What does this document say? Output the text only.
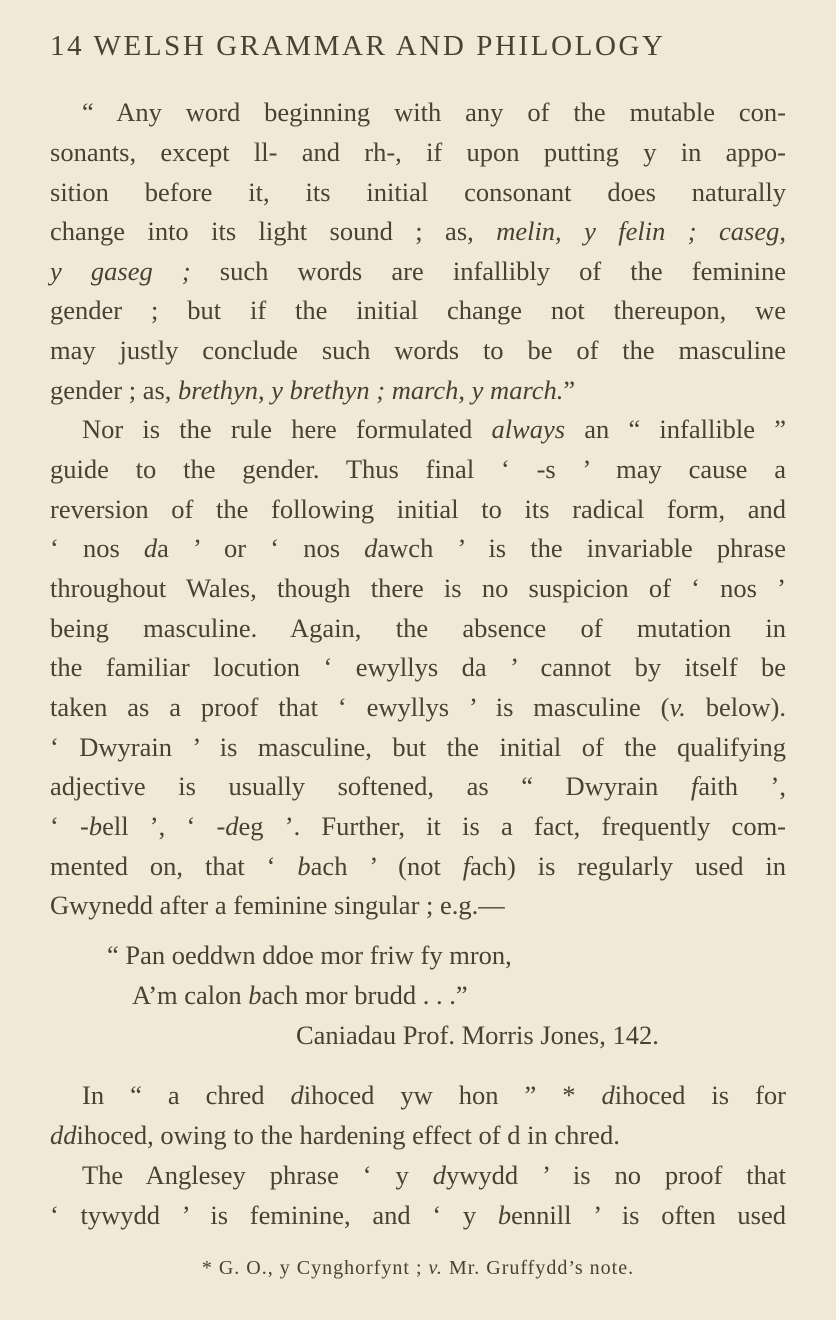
14 WELSH GRAMMAR AND PHILOLOGY
“ Any word beginning with any of the mutable con-
sonants, except ll- and rh-, if upon putting y in appo-
sition before it, its initial consonant does naturally
change into its light sound ; as, melin, y felin ; caseg,
y gaseg ; such words are infallibly of the feminine
gender ; but if the initial change not thereupon, we
may justly conclude such words to be of the masculine
gender ; as, brethyn, y brethyn ; march, y march.”
Nor is the rule here formulated always an “ infallible ”
guide to the gender. Thus final ‘ -s ’ may cause a
reversion of the following initial to its radical form, and
‘ nos da ’ or ‘ nos dawch ’ is the invariable phrase
throughout Wales, though there is no suspicion of ‘ nos ’
being masculine. Again, the absence of mutation in
the familiar locution ‘ ewyllys da ’ cannot by itself be
taken as a proof that ‘ ewyllys ’ is masculine (v. below).
‘ Dwyrain ’ is masculine, but the initial of the qualifying
adjective is usually softened, as “ Dwyrain faith ’,
‘ -bell ’, ‘ -deg ’. Further, it is a fact, frequently com-
mented on, that ‘ bach ’ (not fach) is regularly used in
Gwynedd after a feminine singular ; e.g.—
“ Pan oeddwn ddoe mor friw fy mron,
A’m calon bach mor brudd . . .”
Caniadau Prof. Morris Jones, 142.
In “ a chred dihoced yw hon ” * dihoced is for
ddihoced, owing to the hardening effect of d in chred.
The Anglesey phrase ‘ y dywydd ’ is no proof that
‘ tywydd ’ is feminine, and ‘ y bennill ’ is often used
* G. O., y Cynghorfynt ; v. Mr. Gruffydd’s note.
